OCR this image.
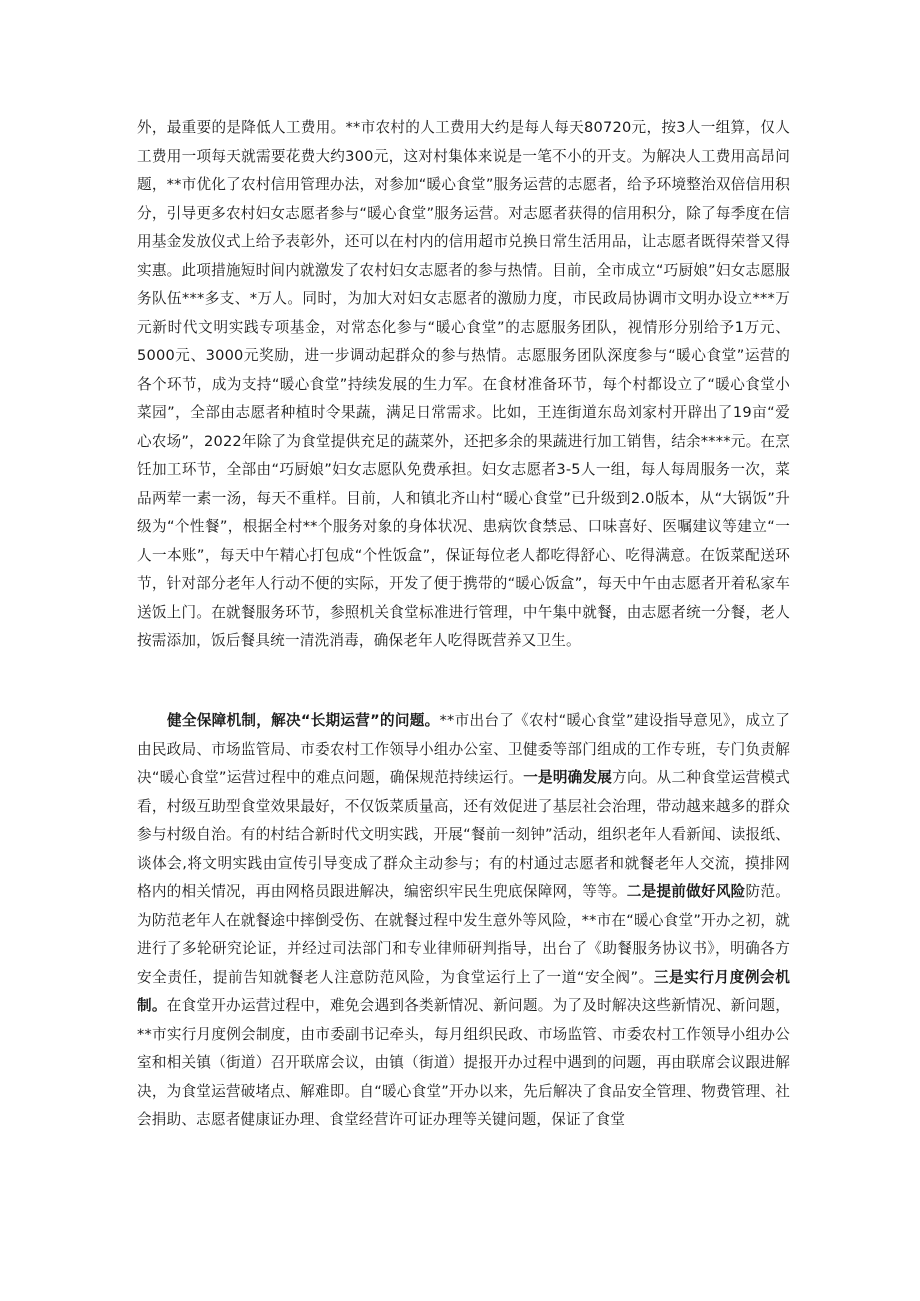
外，最重要的是降低人工费用。**市农村的人工费用大约是每人每天80720元，按3人一组算，仅人工费用一项每天就需要花费大约300元，这对村集体来说是一笔不小的开支。为解决人工费用高昂问题，**市优化了农村信用管理办法，对参加“暖心食堂”服务运营的志愿者，给予环境整治双倍信用积分，引导更多农村妇女志愿者参与“暖心食堂”服务运营。对志愿者获得的信用积分，除了每季度在信用基金发放仪式上给予表彰外，还可以在村内的信用超市兑换日常生活用品，让志愿者既得荣誉又得实惠。此项措施短时间内就激发了农村妇女志愿者的参与热情。目前，全市成立“巧厨娘”妇女志愿服务队伍***多支、*万人。同时，为加大对妇女志愿者的激励力度，市民政局协调市文明办设立***万元新时代文明实践专项基金，对常态化参与“暖心食堂”的志愿服务团队，视情形分别给予1万元、5000元、3000元奖励，进一步调动起群众的参与热情。志愿服务团队深度参与“暖心食堂”运营的各个环节，成为支持“暖心食堂”持续发展的生力军。在食材准备环节，每个村都设立了“暖心食堂小菜园”，全部由志愿者种植时令果蔬，满足日常需求。比如，王连街道东岛刘家村开辟出了19亩“爱心农场”，2022年除了为食堂提供充足的蔬菜外，还把多余的果蔬进行加工销售，结余****元。在烹饪加工环节，全部由“巧厨娘”妇女志愿队免费承担。妇女志愿者3-5人一组，每人每周服务一次，菜品两荤一素一汤，每天不重样。目前，人和镇北齐山村“暖心食堂”已升级到2.0版本，从“大锅饭”升级为“个性餐”，根据全村**个服务对象的身体状况、患病饮食禁忌、口味喜好、医嘱建议等建立“一人一本账”，每天中午精心打包成“个性饭盒”，保证每位老人都吃得舒心、吃得满意。在饭菜配送环节，针对部分老年人行动不便的实际，开发了便于携带的“暖心饭盒”，每天中午由志愿者开着私家车送饭上门。在就餐服务环节，参照机关食堂标准进行管理，中午集中就餐，由志愿者统一分餐，老人按需添加，饭后餐具统一清洗消毒，确保老年人吃得既营养又卫生。

健全保障机制，解决“长期运营”的问题。**市出台了《农村“暖心食堂”建设指导意见》，成立了由民政局、市场监管局、市委农村工作领导小组办公室、卫健委等部门组成的工作专班，专门负责解决“暖心食堂”运营过程中的难点问题，确保规范持续运行。一是明确发展方向。从二种食堂运营模式看，村级互助型食堂效果最好，不仅饭菜质量高，还有效促进了基层社会治理，带动越来越多的群众参与村级自治。有的村结合新时代文明实践，开展“餐前一刻钟”活动，组织老年人看新闻、读报纸、谈体会,将文明实践由宣传引导变成了群众主动参与；有的村通过志愿者和就餐老年人交流，摸排网格内的相关情况，再由网格员跟进解决，编密织牢民生兜底保障网，等等。二是提前做好风险防范。为防范老年人在就餐途中摔倒受伤、在就餐过程中发生意外等风险，**市在“暖心食堂”开办之初，就进行了多轮研究论证，并经过司法部门和专业律师研判指导，出台了《助餐服务协议书》，明确各方安全责任，提前告知就餐老人注意防范风险，为食堂运行上了一道“安全阀”。三是实行月度例会机制。在食堂开办运营过程中，难免会遇到各类新情况、新问题。为了及时解决这些新情况、新问题，**市实行月度例会制度，由市委副书记牵头，每月组织民政、市场监管、市委农村工作领导小组办公室和相关镇（街道）召开联席会议，由镇（街道）提报开办过程中遇到的问题，再由联席会议跟进解决，为食堂运营破堵点、解难即。自“暖心食堂”开办以来，先后解决了食品安全管理、物费管理、社会捐助、志愿者健康证办理、食堂经营许可证办理等关键问题，保证了食堂
